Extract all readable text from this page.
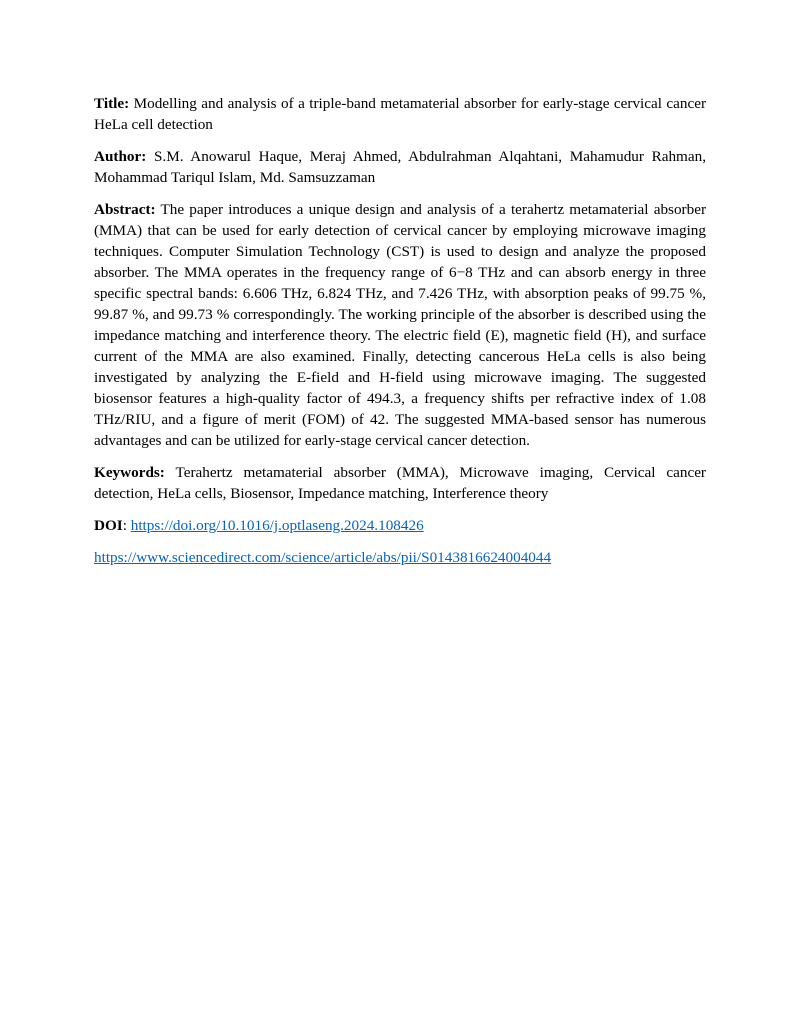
Title: Modelling and analysis of a triple-band metamaterial absorber for early-stage cervical cancer HeLa cell detection

Author: S.M. Anowarul Haque, Meraj Ahmed, Abdulrahman Alqahtani, Mahamudur Rahman, Mohammad Tariqul Islam, Md. Samsuzzaman

Abstract: The paper introduces a unique design and analysis of a terahertz metamaterial absorber (MMA) that can be used for early detection of cervical cancer by employing microwave imaging techniques. Computer Simulation Technology (CST) is used to design and analyze the proposed absorber. The MMA operates in the frequency range of 6−8 THz and can absorb energy in three specific spectral bands: 6.606 THz, 6.824 THz, and 7.426 THz, with absorption peaks of 99.75 %, 99.87 %, and 99.73 % correspondingly. The working principle of the absorber is described using the impedance matching and interference theory. The electric field (E), magnetic field (H), and surface current of the MMA are also examined. Finally, detecting cancerous HeLa cells is also being investigated by analyzing the E-field and H-field using microwave imaging. The suggested biosensor features a high-quality factor of 494.3, a frequency shifts per refractive index of 1.08 THz/RIU, and a figure of merit (FOM) of 42. The suggested MMA-based sensor has numerous advantages and can be utilized for early-stage cervical cancer detection.

Keywords: Terahertz metamaterial absorber (MMA), Microwave imaging, Cervical cancer detection, HeLa cells, Biosensor, Impedance matching, Interference theory

DOI: https://doi.org/10.1016/j.optlaseng.2024.108426

https://www.sciencedirect.com/science/article/abs/pii/S0143816624004044
